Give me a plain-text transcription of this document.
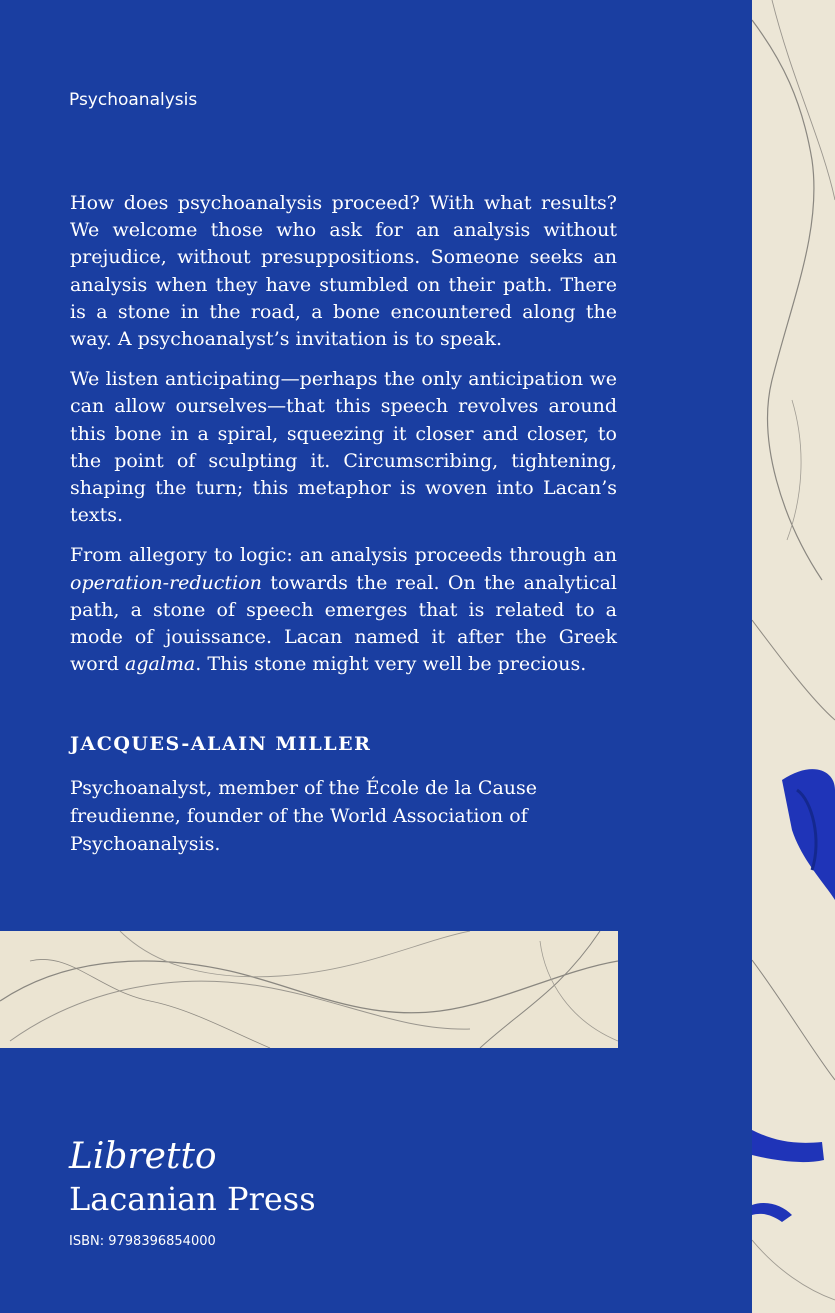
Psychoanalysis

How does psychoanalysis proceed? With what results? We welcome those who ask for an analysis without prejudice, without presuppositions. Someone seeks an analysis when they have stumbled on their path. There is a stone in the road, a bone encountered along the way. A psychoanalyst’s invitation is to speak.

We listen anticipating—perhaps the only anticipation we can allow ourselves—that this speech revolves around this bone in a spiral, squeezing it closer and closer, to the point of sculpting it. Circumscribing, tightening, shaping the turn; this metaphor is woven into Lacan’s texts.

From allegory to logic: an analysis proceeds through an operation-reduction towards the real. On the analytical path, a stone of speech emerges that is related to a mode of jouissance. Lacan named it after the Greek word agalma. This stone might very well be precious.

JACQUES-ALAIN MILLER
Psychoanalyst, member of the École de la Cause freudienne, founder of the World Association of Psychoanalysis.
Libretto
Lacanian Press
ISBN: 9798396854000
